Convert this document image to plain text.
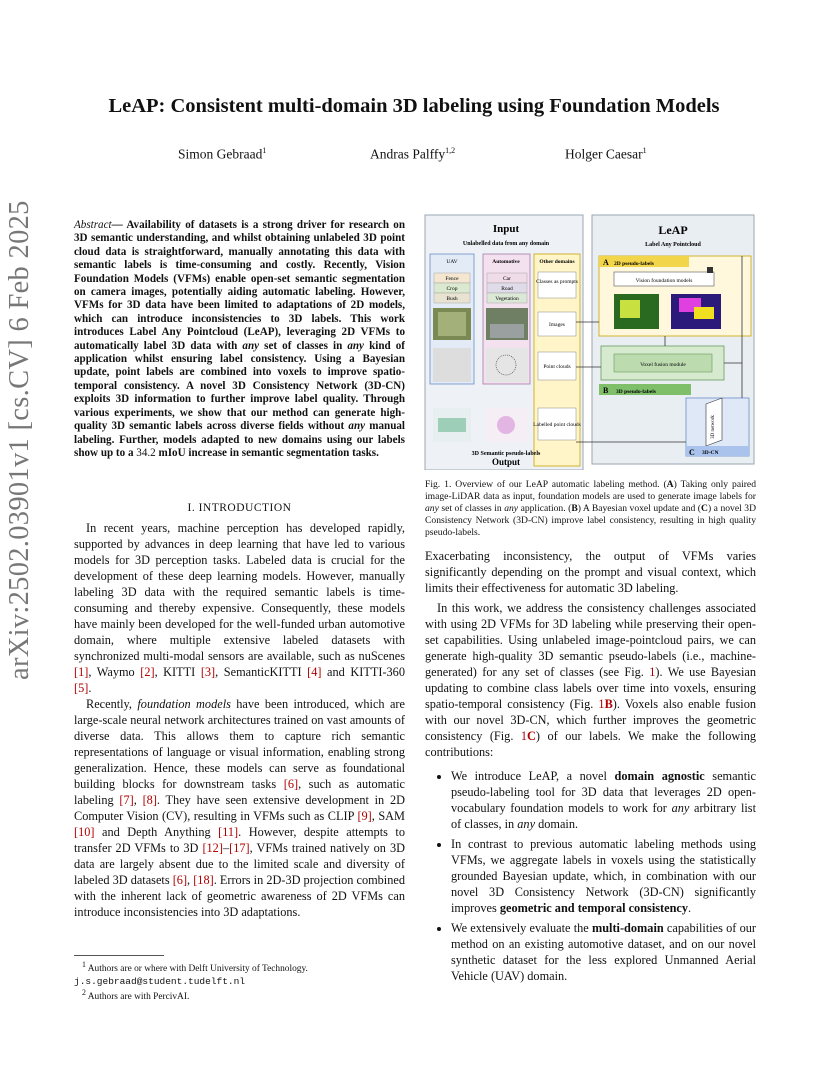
LeAP: Consistent multi-domain 3D labeling using Foundation Models
Simon Gebraad$^1$	Andras Palffy$^{1,2}$	Holger Caesar$^1$
arXiv:2502.03901v1 [cs.CV] 6 Feb 2025	Abstract— Availability of datasets is a strong driver for research on 3D semantic understanding, and whilst obtaining unlabeled 3D point cloud data is straightforward, manually annotating this data with semantic labels is time-consuming and costly. Recently, Vision Foundation Models (VFMs) enable open-set semantic segmentation on camera images, potentially aiding automatic labeling. However, VFMs for 3D data have been limited to adaptations of 2D models, which can introduce inconsistencies to 3D labels. This work introduces Label Any Pointcloud (LeAP), leveraging 2D VFMs to automatically label 3D data with any set of classes in any kind of application whilst ensuring label consistency. Using a Bayesian update, point labels are combined into voxels to improve spatio-temporal consistency. A novel 3D Consistency Network (3D-CN) exploits 3D information to further improve label quality. Through various experiments, we show that our method can generate high-quality 3D semantic labels across diverse fields without any manual labeling. Further, models adapted to new domains using our labels show up to a 34.2 mIoU increase in semantic segmentation tasks.
I. INTRODUCTION

In recent years, machine perception has developed rapidly, supported by advances in deep learning that have led to various models for 3D perception tasks. Labeled data is crucial for the development of these deep learning models. However, manually labeling 3D data with the required semantic labels is time-consuming and thereby expensive. Consequently, these models have mainly been developed for the well-funded urban automotive domain, where multiple extensive labeled datasets with synchronized multi-modal sensors are available, such as nuScenes [1], Waymo [2], KITTI [3], SemanticKITTI [4] and KITTI-360 [5].

Recently, foundation models have been introduced, which are large-scale neural network architectures trained on vast amounts of diverse data. This allows them to capture rich semantic representations of language or visual information, enabling strong generalization. Hence, these models can serve as foundational building blocks for downstream tasks [6], such as automatic labeling [7], [8]. They have seen extensive development in 2D Computer Vision (CV), resulting in VFMs such as CLIP [9], SAM [10] and Depth Anything [11]. However, despite attempts to transfer 2D VFMs to 3D [12]–[17], VFMs trained natively on 3D data are largely absent due to the limited scale and diversity of labeled 3D datasets [6], [18]. Errors in 2D-3D projection combined with the inherent lack of geometric awareness of 2D VFMs can introduce inconsistencies into 3D adaptations.

$^1$ Authors are or where with Delft University of Technology.
j.s.gebraad@student.tudelft.nl
$^2$ Authors are with PercivAI.
Input
Unlabelled data from any domain
UAV	Automotive	Other domains
Fence
Crop
Bush
Car
Road
Vegetation
Classes as prompts
Images
Point clouds
Labelled point clouds
3D Semantic pseudo-labels
Output
LeAP
Label Any Pointcloud
A 2D pseudo-labels
Vision foundation models
Voxel fusion module
B 3D pseudo-labels
3D network
C 3D-CN
Fig. 1. Overview of our LeAP automatic labeling method. (A) Taking only paired image-LiDAR data as input, foundation models are used to generate image labels for any set of classes in any application. (B) A Bayesian voxel update and (C) a novel 3D Consistency Network (3D-CN) improve label consistency, resulting in high quality pseudo-labels.

Exacerbating inconsistency, the output of VFMs varies significantly depending on the prompt and visual context, which limits their effectiveness for automatic 3D labeling.

In this work, we address the consistency challenges associated with using 2D VFMs for 3D labeling while preserving their open-set capabilities. Using unlabeled image-pointcloud pairs, we can generate high-quality 3D semantic pseudo-labels (i.e., machine-generated) for any set of classes (see Fig. 1). We use Bayesian updating to combine class labels over time into voxels, ensuring spatio-temporal consistency (Fig. 1B). Voxels also enable fusion with our novel 3D-CN, which further improves the geometric consistency (Fig. 1C) of our labels. We make the following contributions:

• We introduce LeAP, a novel domain agnostic semantic pseudo-labeling tool for 3D data that leverages 2D open-vocabulary foundation models to work for any arbitrary list of classes, in any domain.
• In contrast to previous automatic labeling methods using VFMs, we aggregate labels in voxels using the statistically grounded Bayesian update, which, in combination with our novel 3D Consistency Network (3D-CN) significantly improves geometric and temporal consistency.
• We extensively evaluate the multi-domain capabilities of our method on an existing automotive dataset, and on our novel synthetic dataset for the less explored Unmanned Aerial Vehicle (UAV) domain.
